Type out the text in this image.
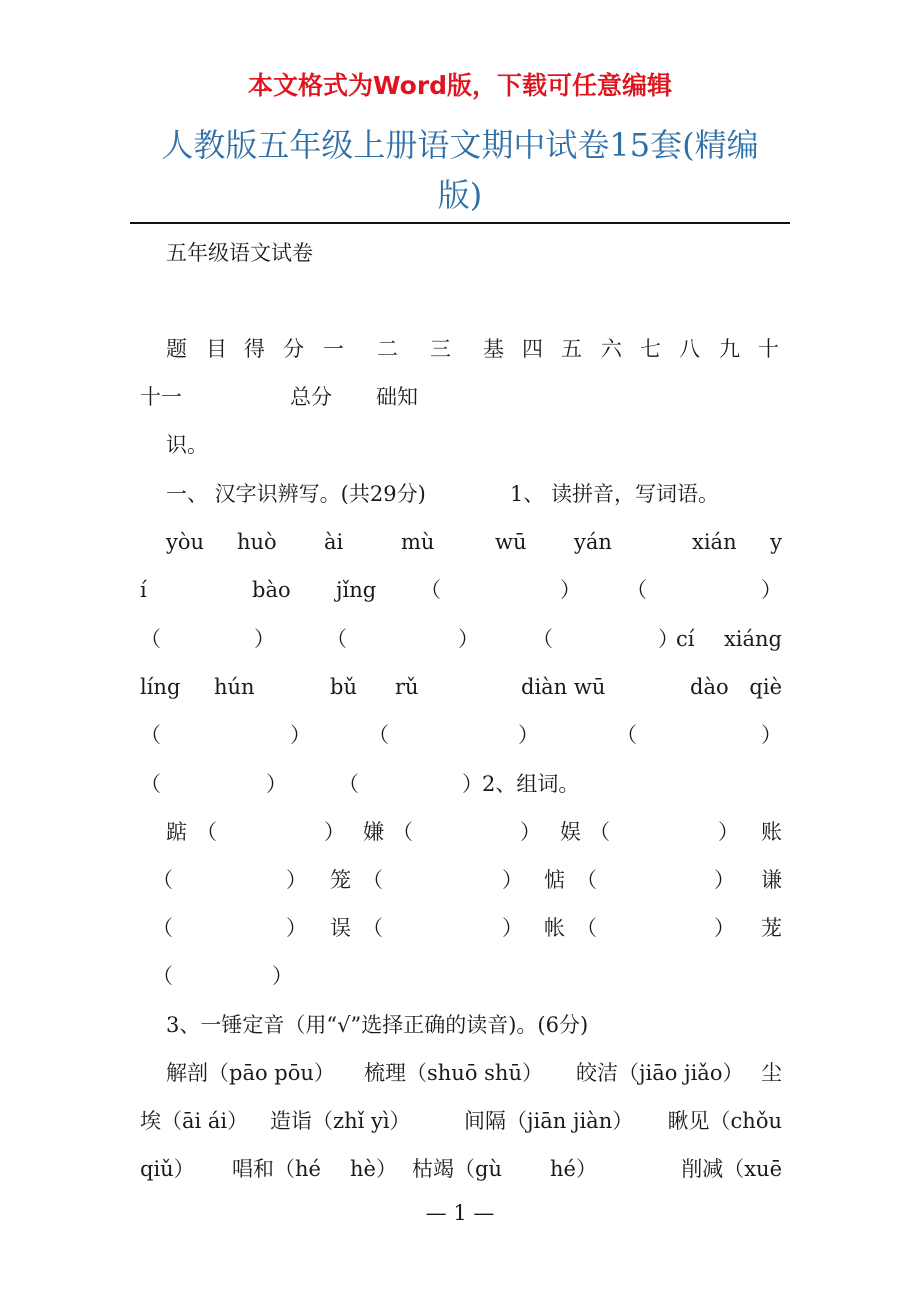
本文格式为Word版，下载可任意编辑
人教版五年级上册语文期中试卷15套(精编
版)
五年级语文试卷
题 目 得 分 一 二 三 基 四 五 六 七 八 九 十
十一	总分 础知
识。
一、 汉字识辨写。(共29分)	1、 读拼音，写词语。
yòu huò ài	mù	wū yán	xián y
í	bào jǐng （	） （	）
（	） （	）	（	）
cí xiáng
líng hún	bǔ rǔ	diàn wū	dào qiè
（	）	（	）	（	）
（	） （	） 2、组词。
踮 （	） 嫌 （	） 娱 （	） 账
（	） 笼 （	） 惦 （	） 谦
（	） 误 （	） 帐 （	） 茏
（	）
3、一锤定音（用“√”选择正确的读音)。(6分)
解剖（pāo pōu） 梳理（shuō shū） 皎洁（jiāo jiǎo） 尘
埃（āi ái） 造诣（zhǐ yì）	间隔（jiān jiàn） 瞅见（chǒu
qiǔ） 唱和（hé hè） 枯竭（gù hé）	削减（xuē
— 1 —
